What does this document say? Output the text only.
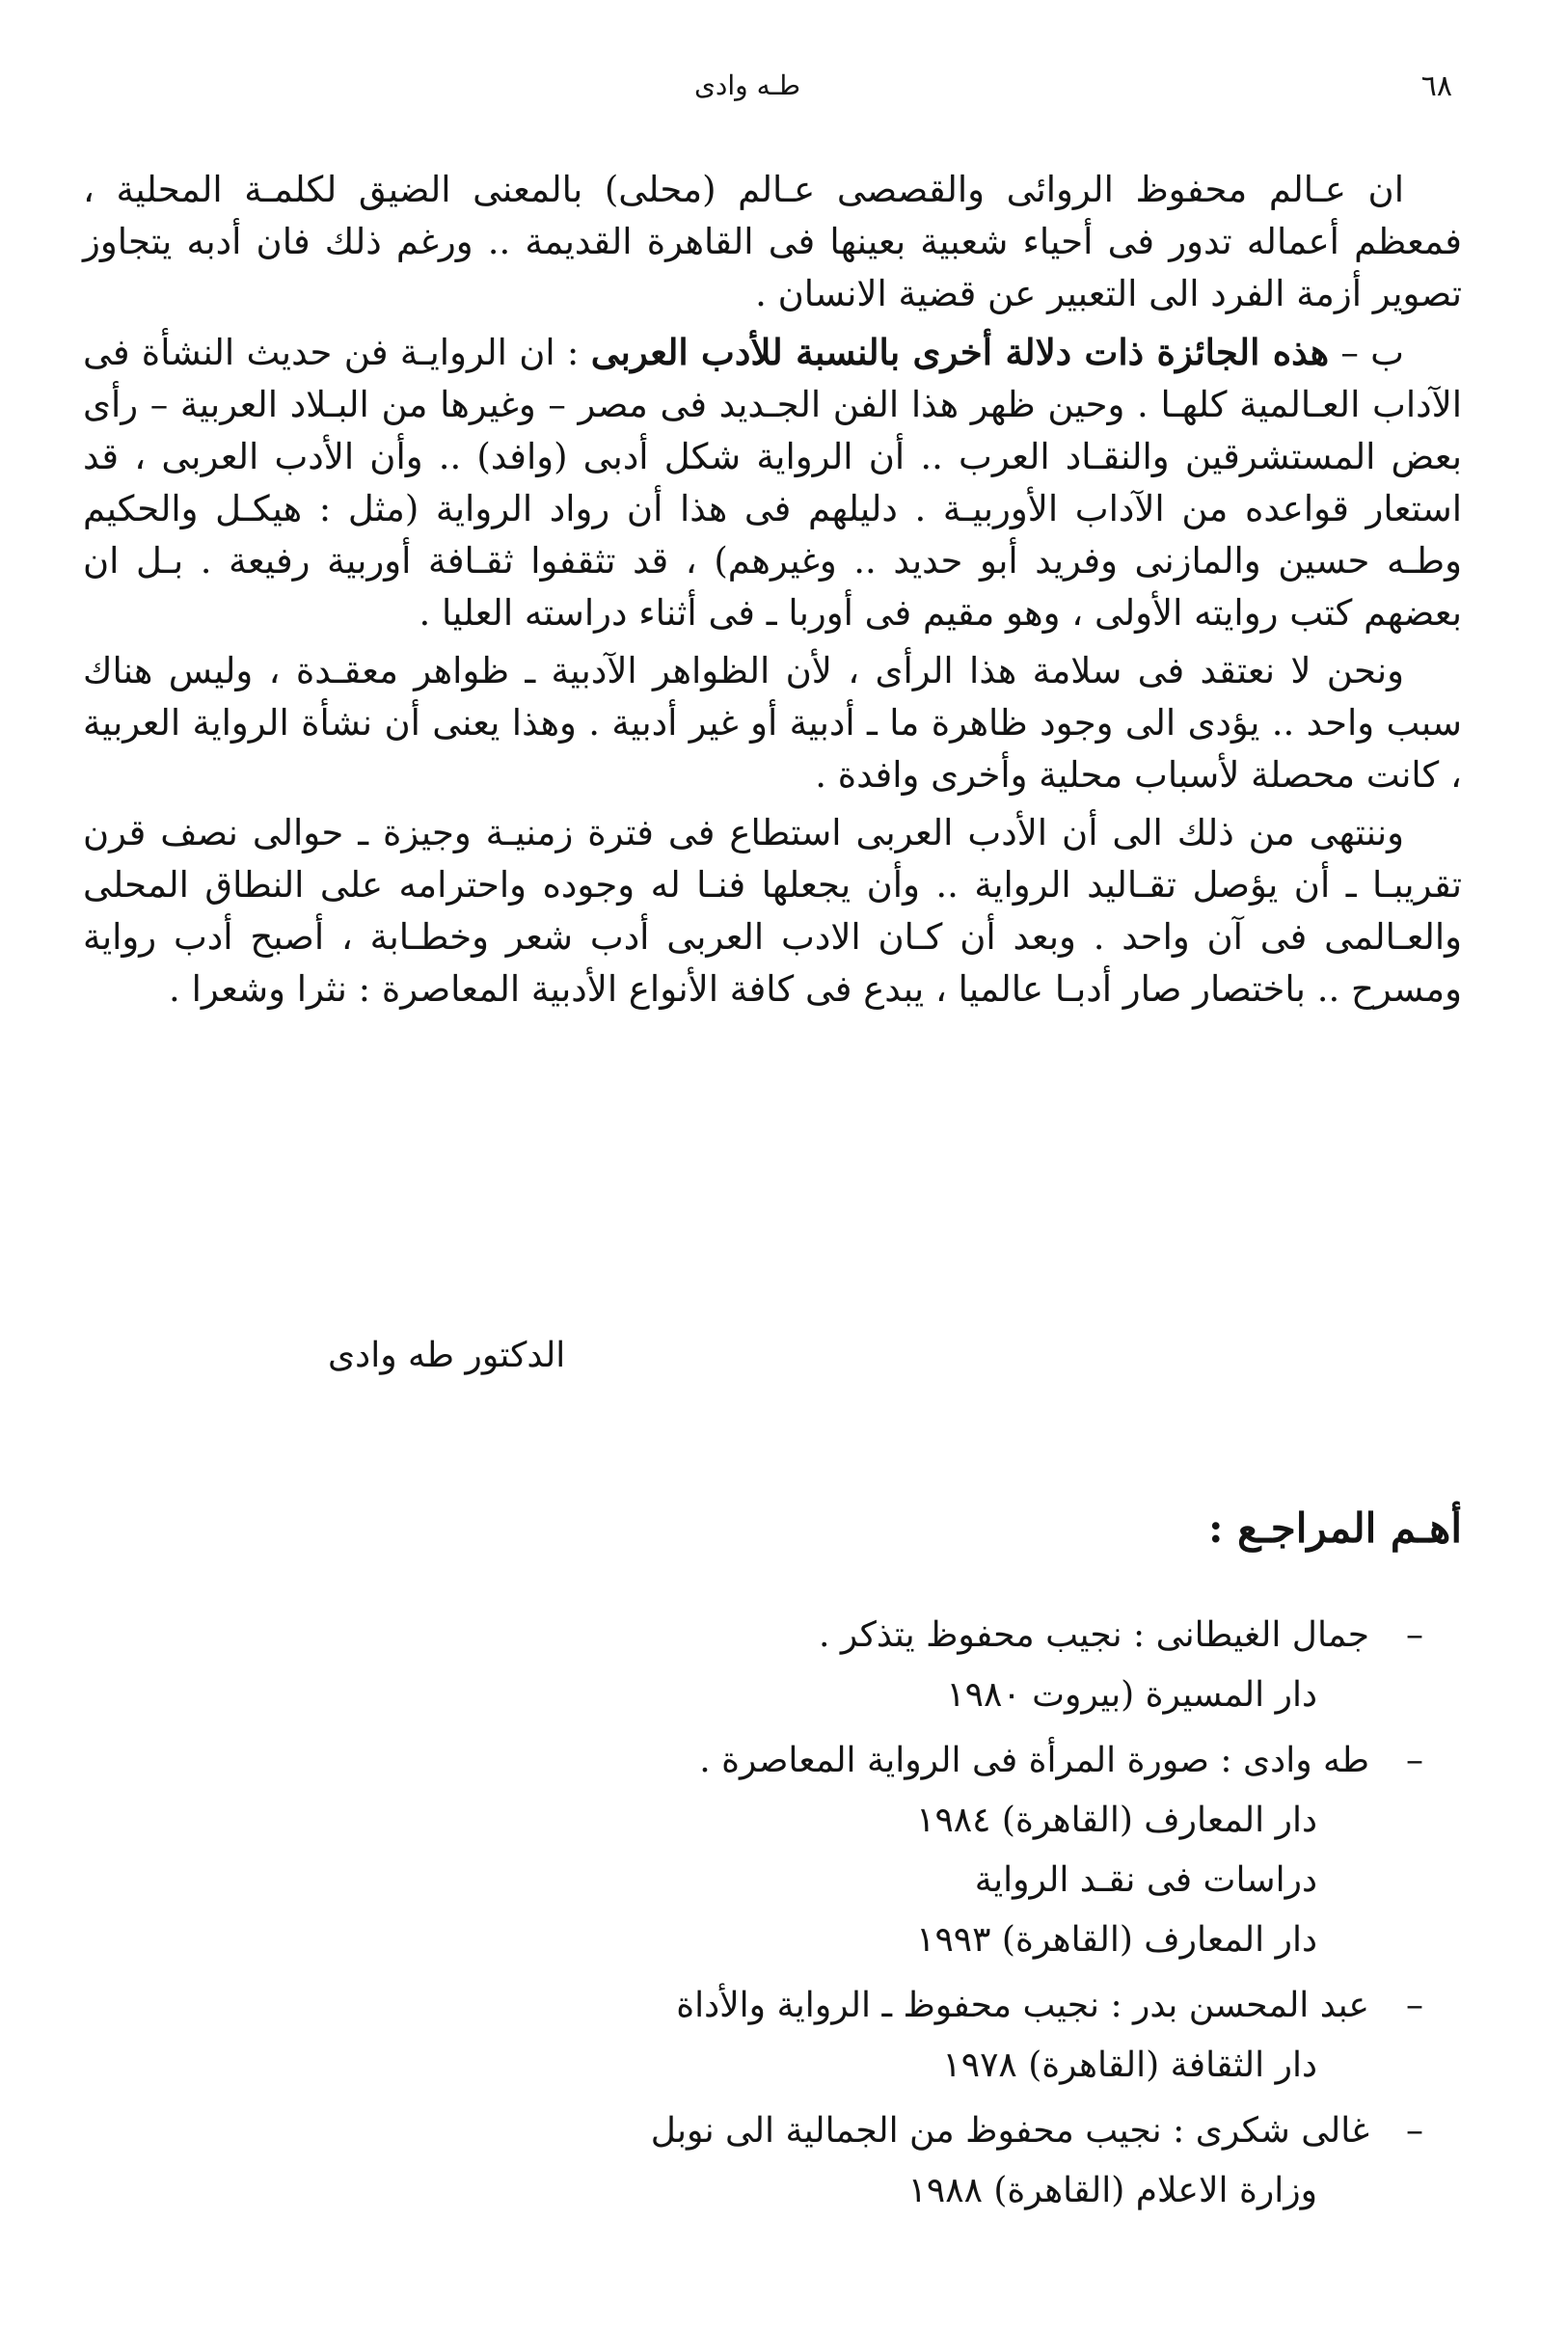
٦٨
طـه وادى

ان عـالم محفوظ الروائى والقصصى عـالم (محلى) بالمعنى الضيق لكلمـة المحلية ، فمعظم أعماله تدور فى أحياء شعبية بعينها فى القاهرة القديمة .. ورغم ذلك فان أدبه يتجاوز تصوير أزمة الفرد الى التعبير عن قضية الانسان .

ب – هذه الجائزة ذات دلالة أخرى بالنسبة للأدب العربى : ان الروايـة فن حديث النشأة فى الآداب العـالمية كلهـا . وحين ظهر هذا الفن الجـديد فى مصر – وغيرها من البـلاد العربية – رأى بعض المستشرقين والنقـاد العرب .. أن الرواية شكل أدبى (وافد) .. وأن الأدب العربى ، قد استعار قواعده من الآداب الأوربيـة . دليلهم فى هذا أن رواد الرواية (مثل : هيكـل والحكيم وطـه حسين والمازنى وفريد أبو حديد .. وغيرهم) ، قد تثقفوا ثقـافة أوربية رفيعة . بـل ان بعضهم كتب روايته الأولى ، وهو مقيم فى أوربا ـ فى أثناء دراسته العليا .

ونحن لا نعتقد فى سلامة هذا الرأى ، لأن الظواهر الآدبية ـ ظواهر معقـدة ، وليس هناك سبب واحد .. يؤدى الى وجود ظاهرة ما ـ أدبية أو غير أدبية . وهذا يعنى أن نشأة الرواية العربية ، كانت محصلة لأسباب محلية وأخرى وافدة .

وننتهى من ذلك الى أن الأدب العربى استطاع فى فترة زمنيـة وجيزة ـ حوالى نصف قرن تقريبـا ـ أن يؤصل تقـاليد الرواية .. وأن يجعلها فنـا له وجوده واحترامه على النطاق المحلى والعـالمى فى آن واحد . وبعد أن كـان الادب العربى أدب شعر وخطـابة ، أصبح أدب رواية ومسرح .. باختصار صار أدبـا عالميا ، يبدع فى كافة الأنواع الأدبية المعاصرة : نثرا وشعرا .

الدكتور طه وادى
أهـم المراجـع :
–جمال الغيطانى : نجيب محفوظ يتذكر .
دار المسيرة (بيروت ١٩٨٠
–طه وادى : صورة المرأة فى الرواية المعاصرة .
دار المعارف (القاهرة) ١٩٨٤
دراسات فى نقـد الرواية
دار المعارف (القاهرة) ١٩٩٣
–عبد المحسن بدر : نجيب محفوظ ـ الرواية والأداة
دار الثقافة (القاهرة) ١٩٧٨
–غالى شكرى : نجيب محفوظ من الجمالية الى نوبل
وزارة الاعلام (القاهرة) ١٩٨٨
